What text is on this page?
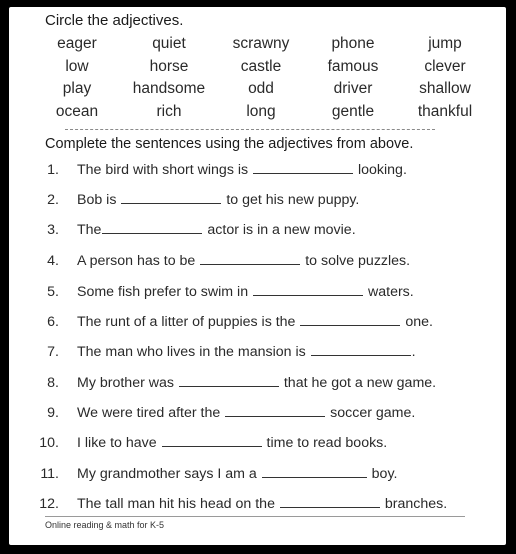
Circle the adjectives.
eager	quiet	scrawny	phone	jump
low	horse	castle	famous	clever
play	handsome	odd	driver	shallow
ocean	rich	long	gentle	thankful
Complete the sentences using the adjectives from above.
1. The bird with short wings is	looking.
2. Bob is	to get his new puppy.
3. The	actor is in a new movie.
4. A person has to be	to solve puzzles.
5. Some fish prefer to swim in	waters.
6. The runt of a litter of puppies is the	one.
7. The man who lives in the mansion is	.
8. My brother was	that he got a new game.
9. We were tired after the	soccer game.
10. I like to have	time to read books.
11. My grandmother says I am a	boy.
12. The tall man hit his head on the	branches.
Online reading & math for K-5
